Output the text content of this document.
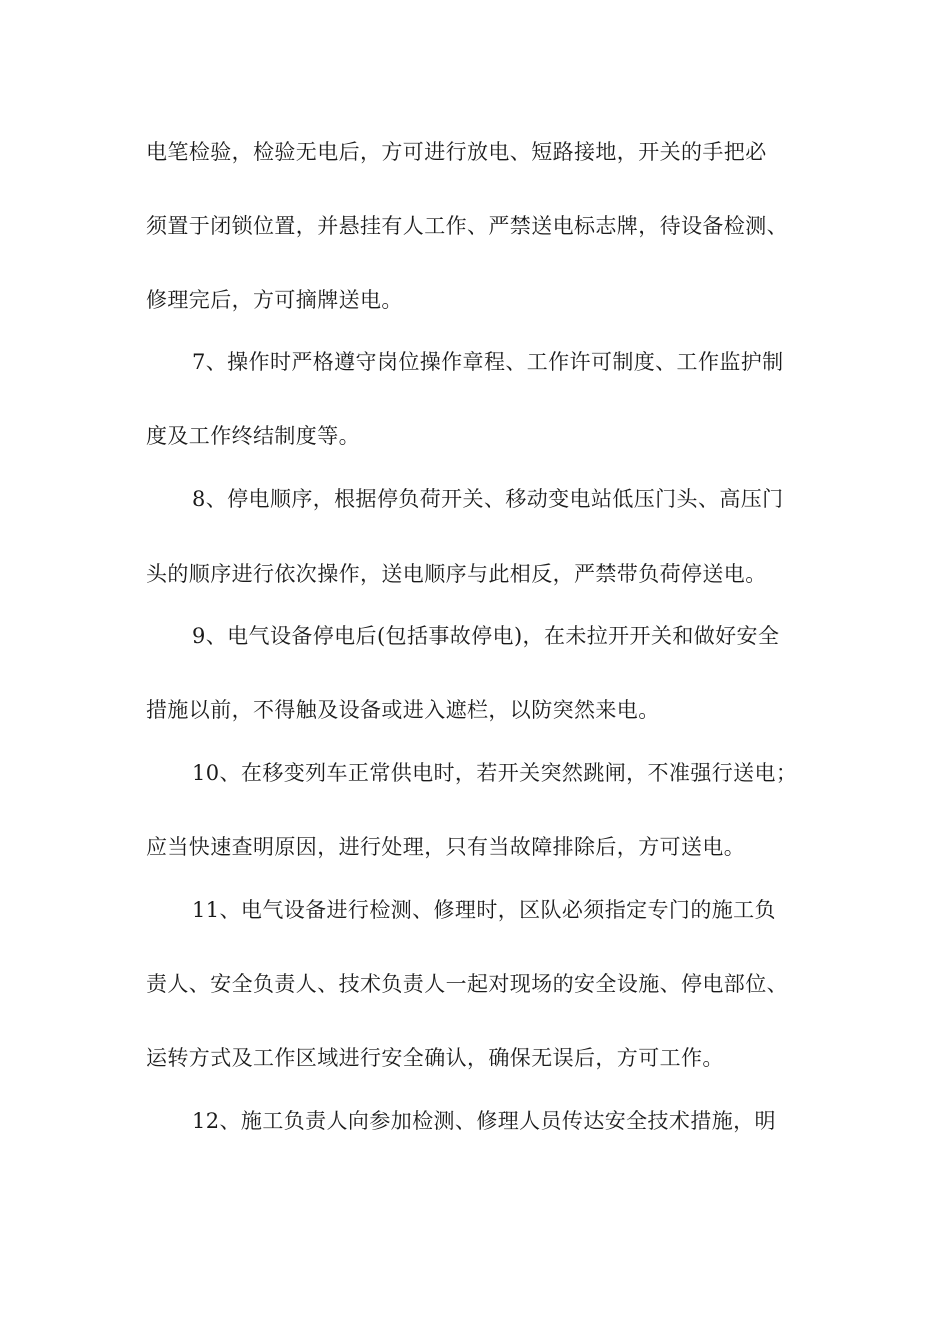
电笔检验，检验无电后，方可进行放电、短路接地，开关的手把必
须置于闭锁位置，并悬挂有人工作、严禁送电标志牌，待设备检测、
修理完后，方可摘牌送电。
7、操作时严格遵守岗位操作章程、工作许可制度、工作监护制
度及工作终结制度等。
8、停电顺序，根据停负荷开关、移动变电站低压门头、高压门
头的顺序进行依次操作，送电顺序与此相反，严禁带负荷停送电。
9、电气设备停电后(包括事故停电)，在未拉开开关和做好安全
措施以前，不得触及设备或进入遮栏，以防突然来电。
10、在移变列车正常供电时，若开关突然跳闸，不准强行送电；
应当快速查明原因，进行处理，只有当故障排除后，方可送电。
11、电气设备进行检测、修理时，区队必须指定专门的施工负
责人、安全负责人、技术负责人一起对现场的安全设施、停电部位、
运转方式及工作区域进行安全确认，确保无误后，方可工作。
12、施工负责人向参加检测、修理人员传达安全技术措施，明
